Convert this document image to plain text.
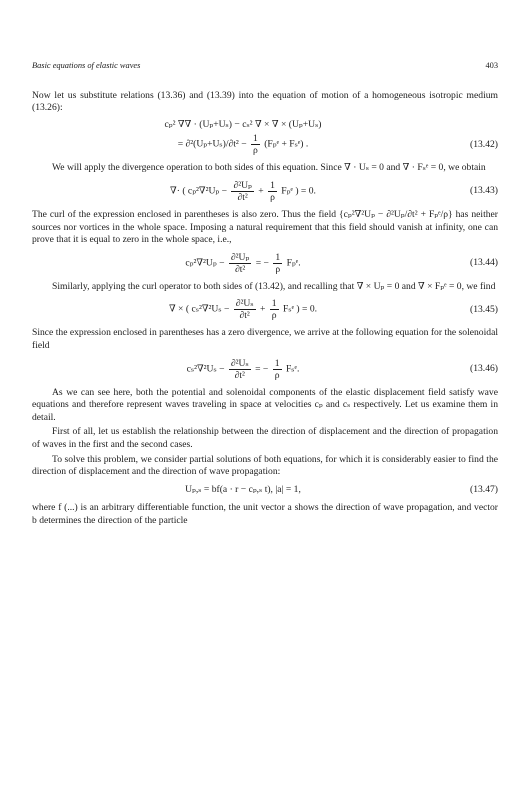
Basic equations of elastic waves	403

Now let us substitute relations (13.36) and (13.39) into the equation of motion of a homogeneous isotropic medium (13.26):

cₚ² ∇∇ · (Uₚ+Uₛ) − cₛ² ∇ × ∇ × (Uₚ+Uₛ)
= $\partial^2(U_p+U_s)/\partial t^2 - \frac{1}{\rho}$ (Fₚᵉ + Fₛᵉ) .	(13.42)

We will apply the divergence operation to both sides of this equation. Since ∇ · Uₛ = 0 and ∇ · Fₛᵉ = 0, we obtain

∇· ( $c_p^2\nabla^2U_p - \frac{\text{∂²Uₚ}}{\text{∂t²}} + \frac{1}{\rho}$ Fₚᵉ ) = 0.	(13.43)

The curl of the expression enclosed in parentheses is also zero. Thus the field {cₚ²∇²Uₚ − ∂²Uₚ/∂t² + Fₚᵉ/ρ} has neither sources nor vortices in the whole space. Imposing a natural requirement that this field should vanish at infinity, one can prove that it is equal to zero in the whole space, i.e.,

$c_p^2\nabla^2U_p - \frac{\text{∂²Uₚ}}{\text{∂t²}}$ = − $\frac{1}{\rho}$ Fₚᵉ.	(13.44)

Similarly, applying the curl operator to both sides of (13.42), and recalling that ∇ × Uₚ = 0 and ∇ × Fₚᵉ = 0, we find

∇ × ( $c_s^2\nabla^2U_s - \frac{\text{∂²Uₛ}}{\text{∂t²}} + \frac{1}{\rho}$ Fₛᵉ ) = 0.	(13.45)

Since the expression enclosed in parentheses has a zero divergence, we arrive at the following equation for the solenoidal field

$c_s^2\nabla^2U_s - \frac{\text{∂²Uₛ}}{\text{∂t²}}$ = − $\frac{1}{\rho}$ Fₛᵉ.	(13.46)

As we can see here, both the potential and solenoidal components of the elastic displacement field satisfy wave equations and therefore represent waves traveling in space at velocities cₚ and cₛ respectively. Let us examine them in detail.

First of all, let us establish the relationship between the direction of displacement and the direction of propagation of waves in the first and the second cases.

To solve this problem, we consider partial solutions of both equations, for which it is considerably easier to find the direction of displacement and the direction of wave propagation:

Uₚ,ₛ = bf(a · r − cₚ,ₛ t), |a| = 1,	(13.47)

where f (...) is an arbitrary differentiable function, the unit vector a shows the direction of wave propagation, and vector b determines the direction of the particle
